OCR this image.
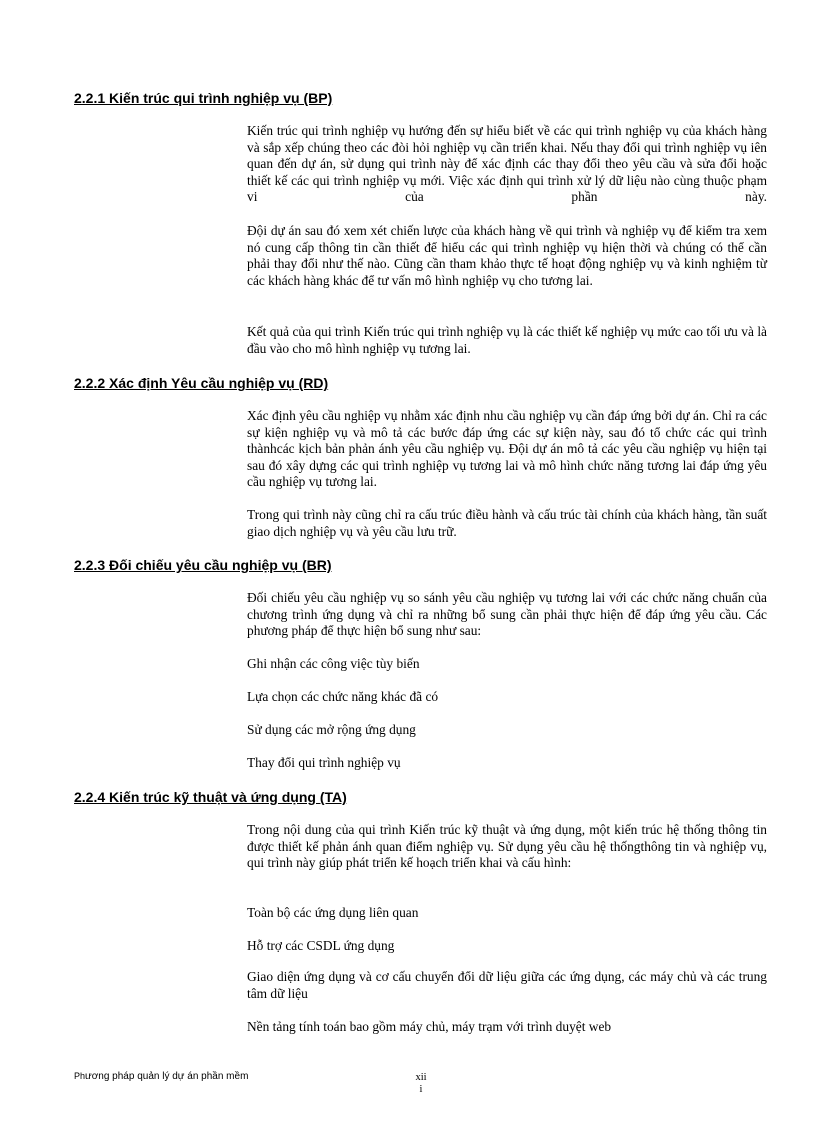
2.2.1 Kiến trúc qui trình nghiệp vụ (BP)

Kiến trúc qui trình nghiệp vụ hướng đến sự hiểu biết về các qui trình nghiệp vụ của khách hàng và sắp xếp chúng theo các đòi hỏi nghiệp vụ cần triển khai. Nếu thay đổi qui trình nghiệp vụ iên quan đến dự án, sử dụng qui trình này để xác định các thay đổi theo yêu cầu và sửa đổi hoặc thiết kế các qui trình nghiệp vụ mới. Việc xác định qui trình xử lý dữ liệu nào cùng thuộc phạm vi của phần này.

Đội dự án sau đó xem xét chiến lược của khách hàng về qui trình và nghiệp vụ để kiểm tra xem nó cung cấp thông tin cần thiết để hiểu các qui trình nghiệp vụ hiện thời và chúng có thể cần phải thay đổi như thế nào. Cũng cần tham khảo thực tế hoạt động nghiệp vụ và kinh nghiệm từ các khách hàng khác để tư vấn mô hình nghiệp vụ cho tương lai.

Kết quả của qui trình Kiến trúc qui trình nghiệp vụ là các thiết kế nghiệp vụ mức cao tối ưu và là đầu vào cho mô hình nghiệp vụ tương lai.

2.2.2 Xác định Yêu cầu nghiệp vụ (RD)

Xác định yêu cầu nghiệp vụ nhằm xác định nhu cầu nghiệp vụ cần đáp ứng bởi dự án. Chỉ ra các sự kiện nghiệp vụ và mô tả các bước đáp ứng các sự kiện này, sau đó tổ chức các qui trình thànhcác kịch bản phản ánh yêu cầu nghiệp vụ. Đội dự án mô tả các yêu cầu nghiệp vụ hiện tại sau đó xây dựng các qui trình nghiệp vụ tương lai và mô hình chức năng tương lai đáp ứng yêu cầu nghiệp vụ tương lai.

Trong qui trình này cũng chỉ ra cấu trúc điều hành và cấu trúc tài chính của khách hàng, tần suất giao dịch nghiệp vụ và yêu cầu lưu trữ.

2.2.3 Đối chiếu yêu cầu nghiệp vụ (BR)

Đối chiếu yêu cầu nghiệp vụ so sánh yêu cầu nghiệp vụ tương lai với các chức năng chuẩn của chương trình ứng dụng và chỉ ra những bổ sung cần phải thực hiện để đáp ứng yêu cầu. Các phương pháp để thực hiện bổ sung như sau:

Ghi nhận các công việc tùy biến

Lựa chọn các chức năng khác đã có

Sử dụng các mở rộng ứng dụng

Thay đổi qui trình nghiệp vụ

2.2.4 Kiến trúc kỹ thuật và ứng dụng (TA)

Trong nội dung của qui trình Kiến trúc kỹ thuật và ứng dụng, một kiến trúc hệ thống thông tin được thiết kế phản ánh quan điểm nghiệp vụ. Sử dụng yêu cầu hệ thốngthông tin và nghiệp vụ, qui trình này giúp phát triển kế hoạch triển khai và cấu hình:

Toàn bộ các ứng dụng liên quan

Hỗ trợ các CSDL ứng dụng

Giao diện ứng dụng và cơ cấu chuyển đổi dữ liệu giữa các ứng dụng, các máy chủ và các trung tâm dữ liệu

Nền tảng tính toán bao gồm máy chủ, máy trạm với trình duyệt web

Phương pháp quản lý dự án phần mềm	xii
i
